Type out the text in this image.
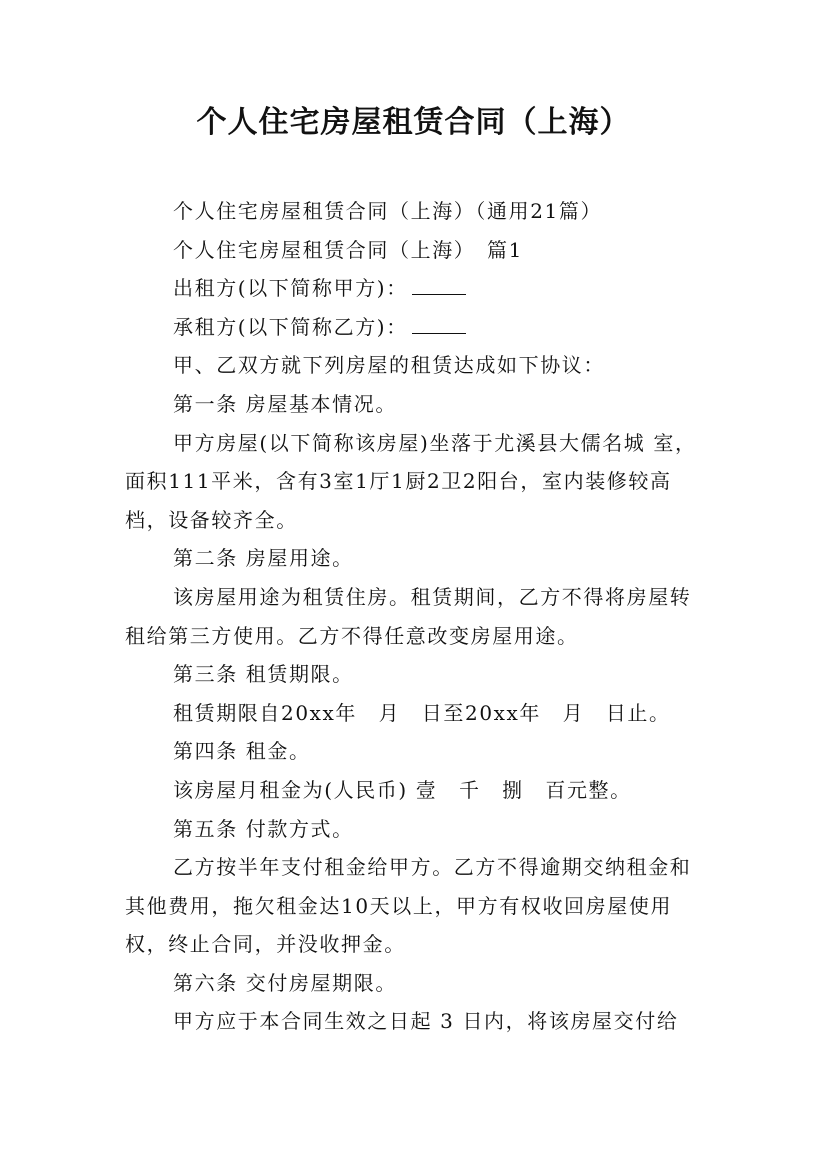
个人住宅房屋租赁合同（上海）

个人住宅房屋租赁合同（上海）（通用21篇）

个人住宅房屋租赁合同（上海）　篇1

出租方(以下简称甲方)：

承租方(以下简称乙方)：

甲、乙双方就下列房屋的租赁达成如下协议：

第一条 房屋基本情况。

甲方房屋(以下简称该房屋)坐落于尤溪县大儒名城 室，面积111平米，含有3室1厅1厨2卫2阳台，室内装修较高档，设备较齐全。

第二条 房屋用途。

该房屋用途为租赁住房。租赁期间，乙方不得将房屋转租给第三方使用。乙方不得任意改变房屋用途。

第三条 租赁期限。

租赁期限自20xx年　月　日至20xx年　月　日止。

第四条 租金。

该房屋月租金为(人民币) 壹　千　捌　百元整。

第五条 付款方式。

乙方按半年支付租金给甲方。乙方不得逾期交纳租金和其他费用，拖欠租金达10天以上，甲方有权收回房屋使用权，终止合同，并没收押金。

第六条 交付房屋期限。

甲方应于本合同生效之日起 3 日内，将该房屋交付给
